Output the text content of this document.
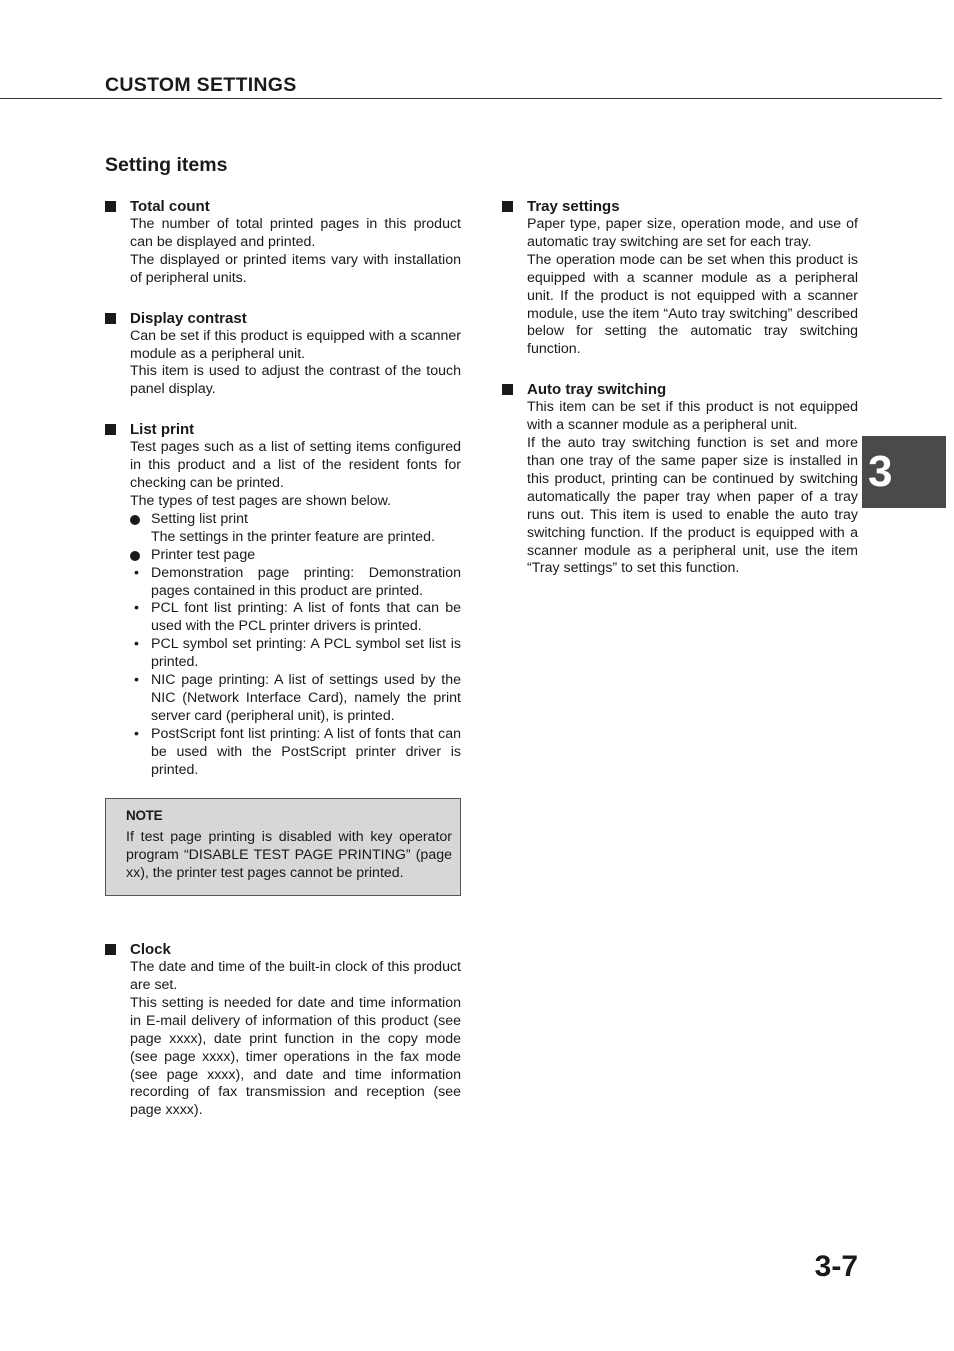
CUSTOM SETTINGS
Setting items
Total count

The number of total printed pages in this product can be displayed and printed.

The displayed or printed items vary with installation of peripheral units.

Display contrast

Can be set if this product is equipped with a scanner module as a peripheral unit.

This item is used to adjust the contrast of the touch panel display.

List print

Test pages such as a list of setting items configured in this product and a list of the resident fonts for checking can be printed.

The types of test pages are shown below.

Setting list print

The settings in the printer feature are printed.

Printer test page
• Demonstration page printing: Demonstration pages contained in this product are printed.
• PCL font list printing: A list of fonts that can be used with the PCL printer drivers is printed.
• PCL symbol set printing: A PCL symbol set list is printed.
• NIC page printing: A list of settings used by the NIC (Network Interface Card), namely the print server card (peripheral unit), is printed.
• PostScript font list printing: A list of fonts that can be used with the PostScript printer driver is printed.
NOTE

If test page printing is disabled with key operator program “DISABLE TEST PAGE PRINTING” (page xx), the printer test pages cannot be printed.

Clock

The date and time of the built-in clock of this product are set.

This setting is needed for date and time information in E-mail delivery of information of this product (see page xxxx), date print function in the copy mode (see page xxxx), timer operations in the fax mode (see page xxxx), and date and time information recording of fax transmission and reception (see page xxxx).

Tray settings

Paper type, paper size, operation mode, and use of automatic tray switching are set for each tray.

The operation mode can be set when this product is equipped with a scanner module as a peripheral unit. If the product is not equipped with a scanner module, use the item “Auto tray switching” described below for setting the automatic tray switching function.

Auto tray switching

This item can be set if this product is not equipped with a scanner module as a peripheral unit.

If the auto tray switching function is set and more than one tray of the same paper size is installed in this product, printing can be continued by switching automatically the paper tray when paper of a tray runs out. This item is used to enable the auto tray switching function. If the product is equipped with a scanner module as a peripheral unit, use the item “Tray settings” to set this function.

3
3-7
